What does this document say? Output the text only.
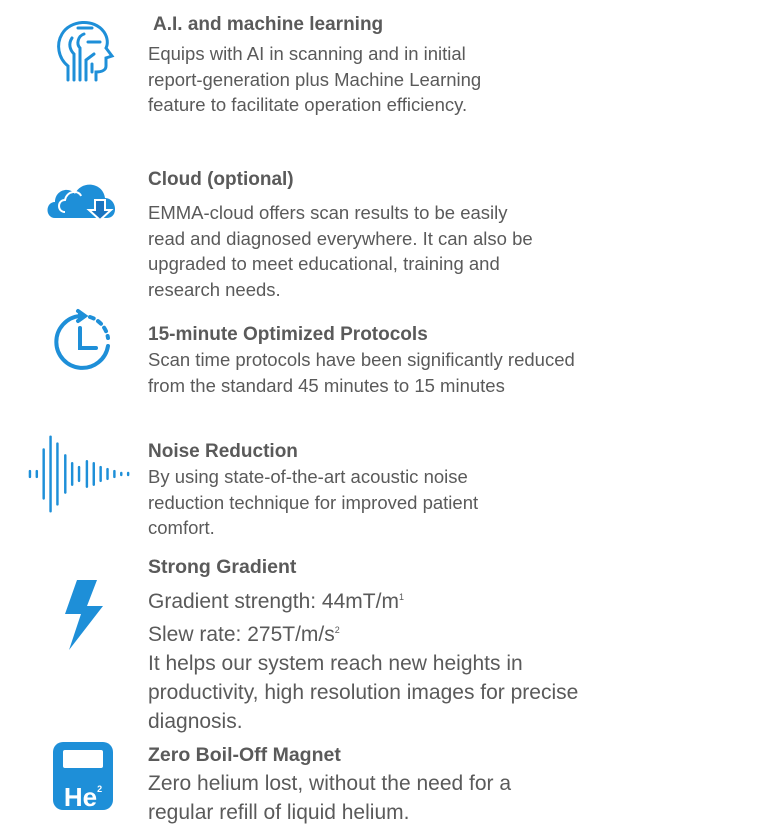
A.I. and machine learning

Equips with AI in scanning and in initial report-generation plus Machine Learning feature to facilitate operation efficiency.

Cloud (optional)

EMMA-cloud offers scan results to be easily read and diagnosed everywhere. It can also be upgraded to meet educational, training and research needs.

15-minute Optimized Protocols

Scan time protocols have been significantly reduced from the standard 45 minutes to 15 minutes

Noise Reduction

By using state-of-the-art acoustic noise reduction technique for improved patient comfort.

Strong Gradient

Gradient strength: $44mT/m^1$

Slew rate: $275T/m/s^2$

It helps our system reach new heights in productivity, high resolution images for precise diagnosis.

He$^2$

Zero Boil-Off Magnet

Zero helium lost, without the need for a regular refill of liquid helium.
